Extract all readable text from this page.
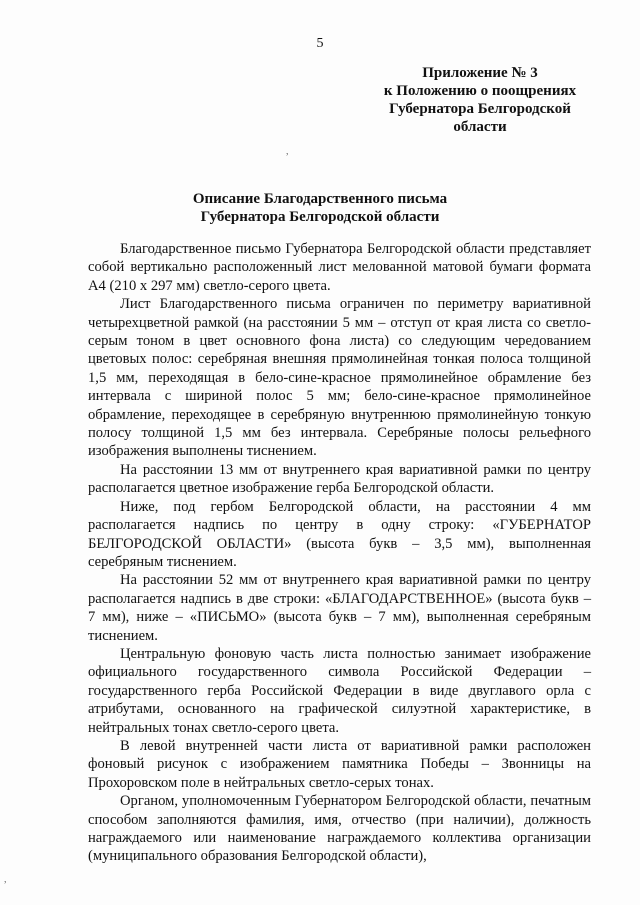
5
Приложение № 3
к Положению о поощрениях
Губернатора Белгородской
области
,
Описание Благодарственного письма
Губернатора Белгородской области

Благодарственное письмо Губернатора Белгородской области представляет собой вертикально расположенный лист мелованной матовой бумаги формата А4 (210 х 297 мм) светло-серого цвета.

Лист Благодарственного письма ограничен по периметру вариативной четырехцветной рамкой (на расстоянии 5 мм – отступ от края листа со светло-серым тоном в цвет основного фона листа) со следующим чередованием цветовых полос: серебряная внешняя прямолинейная тонкая полоса толщиной 1,5 мм, переходящая в бело-сине-красное прямолинейное обрамление без интервала с шириной полос 5 мм; бело-сине-красное прямолинейное обрамление, переходящее в серебряную внутреннюю прямолинейную тонкую полосу толщиной 1,5 мм без интервала. Серебряные полосы рельефного изображения выполнены тиснением.

На расстоянии 13 мм от внутреннего края вариативной рамки по центру располагается цветное изображение герба Белгородской области.

Ниже, под гербом Белгородской области, на расстоянии 4 мм располагается надпись по центру в одну строку: «ГУБЕРНАТОР БЕЛГОРОДСКОЙ ОБЛАСТИ» (высота букв – 3,5 мм), выполненная серебряным тиснением.

На расстоянии 52 мм от внутреннего края вариативной рамки по центру располагается надпись в две строки: «БЛАГОДАРСТВЕННОЕ» (высота букв – 7 мм), ниже – «ПИСЬМО» (высота букв – 7 мм), выполненная серебряным тиснением.

Центральную фоновую часть листа полностью занимает изображение официального государственного символа Российской Федерации – государственного герба Российской Федерации в виде двуглавого орла с атрибутами, основанного на графической силуэтной характеристике, в нейтральных тонах светло-серого цвета.

В левой внутренней части листа от вариативной рамки расположен фоновый рисунок с изображением памятника Победы – Звонницы на Прохоровском поле в нейтральных светло-серых тонах.

Органом, уполномоченным Губернатором Белгородской области, печатным способом заполняются фамилия, имя, отчество (при наличии), должность награждаемого или наименование награждаемого коллектива организации (муниципального образования Белгородской области),

,
